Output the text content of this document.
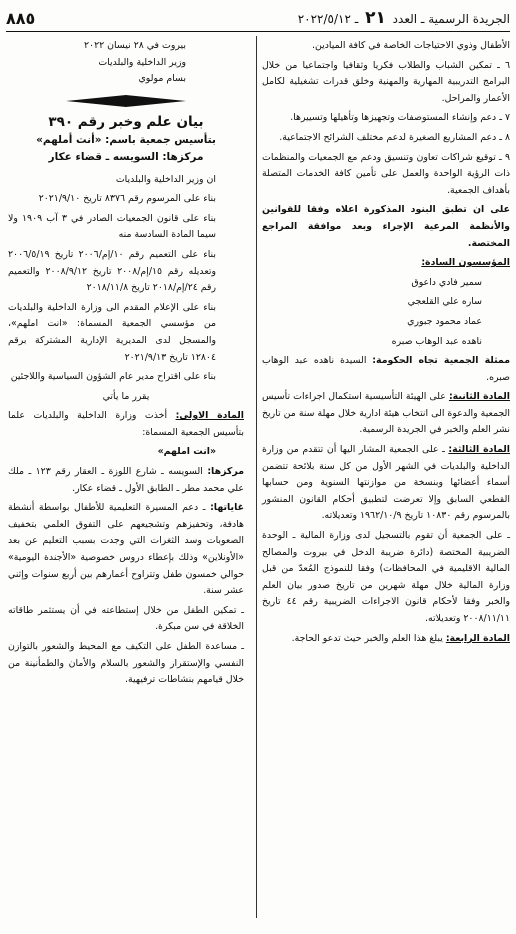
الجريدة الرسمية ـ العدد ٢١ ـ ٢٠٢٢/٥/١٢
٨٨٥

الأطفال وذوي الاحتياجات الخاصة في كافة الميادين.

٦ ـ تمكين الشباب والطلاب فكريا وثقافيا واجتماعيا من خلال البرامج التدريبية المهارية والمهنية وخلق قدرات تشغيلية لكامل الأعمار والمراحل.

٧ ـ دعم وإنشاء المستوصفات وتجهيزها وتأهيلها وتسييرها.

٨ ـ دعم المشاريع الصغيرة لدعم مختلف الشرائح الاجتماعية.

٩ ـ توقيع شراكات تعاون وتنسيق ودعم مع الجمعيات والمنظمات ذات الرؤية الواحدة والعمل على تأمين كافة الخدمات المتصلة بأهداف الجمعية.

على ان تطبق البنود المذكورة اعلاه وفقا للقوانين والأنظمة المرعية الإجراء وبعد موافقة المراجع المختصة.

المؤسسون السادة:

سمير فادي داعوق

ساره علي القلعجي

عماد محمود جبوري

ناهده عبد الوهاب صبره

ممثلة الجمعية تجاه الحكومة: السيدة ناهده عبد الوهاب صبره.

المادة الثانية: على الهيئة التأسيسية استكمال اجراءات تأسيس الجمعية والدعوة الى انتخاب هيئة ادارية خلال مهلة سنة من تاريخ نشر العلم والخبر في الجريدة الرسمية.

المادة الثالثة: ـ على الجمعية المشار اليها أن تتقدم من وزارة الداخلية والبلديات في الشهر الأول من كل سنة بلائحة تتضمن أسماء أعضائها وبنسخة من موازنتها السنوية ومن حسابها القطعي السابق وإلا تعرضت لتطبيق أحكام القانون المنشور بالمرسوم رقم ١٠٨٣٠ تاريخ ١٩٦٢/١٠/٩ وتعديلاته.

ـ على الجمعية أن تقوم بالتسجيل لدى وزارة المالية ـ الوحدة الضريبية المختصة (دائرة ضريبة الدخل في بيروت والمصالح المالية الاقليمية في المحافظات) وفقا للنموذج المُعدّ من قبل وزارة المالية خلال مهلة شهرين من تاريخ صدور بيان العلم والخبر وفقا لأحكام قانون الاجراءات الضريبية رقم ٤٤ تاريخ ٢٠٠٨/١١/١١ وتعديلاته.

المادة الرابعة: يبلغ هذا العلم والخبر حيث تدعو الحاجة.

بيروت في ٢٨ نيسان ٢٠٢٢

وزير الداخلية والبلديات

بسام مولوي

بيان علم وخبر رقم ٣٩٠
بتأسيس جمعية باسم: «أنت أملهم»
مركزها: السويسه ـ قضاء عكار

ان وزير الداخلية والبلديات

بناء على المرسوم رقم ٨٣٧٦ تاريخ ٢٠٢١/٩/١٠

بناء على قانون الجمعيات الصادر في ٣ آب ١٩٠٩ ولا سيما المادة السادسة منه

بناء على التعميم رقم ١٠/إم/٢٠٠٦ تاريخ ٢٠٠٦/٥/١٩ وتعديله رقم ١٥/إم/٢٠٠٨ تاريخ ٢٠٠٨/٩/١٢ والتعميم رقم ٢٤/إم/٢٠١٨ تاريخ ٢٠١٨/١١/٨

بناء على الإعلام المقدم الى وزارة الداخلية والبلديات من مؤسسي الجمعية المسماة: «انت املهم»، والمسجل لدى المديرية الإدارية المشتركة برقم ١٢٨٠٤ تاريخ ٢٠٢١/٩/١٣

بناء على اقتراح مدير عام الشؤون السياسية واللاجئين

يقرر ما يأتي

المادة الاولى: أخذت وزارة الداخلية والبلديات علما بتأسيس الجمعية المسماة:

«انت املهم»

مركزها: السويسه ـ شارع اللوزة ـ العقار رقم ١٢٣ ـ ملك علي محمد مطر ـ الطابق الأول ـ قضاء عكار.

غاياتها: ـ دعم المسيرة التعليمية للأطفال بواسطة أنشطة هادفة، وتحفيزهم وتشجيعهم على التفوق العلمي بتخفيف الصعوبات وسد الثغرات التي وجدت بسبب التعليم عن بعد «الأونلاين» وذلك بإعطاء دروس خصوصية «الأجندة اليومية» حوالي خمسون طفل وتتراوح أعمارهم بين أربع سنوات وإثني عشر سنة.

ـ تمكين الطفل من خلال إستطاعته في أن يستثمر طاقاته الخلاقة في سن مبكرة.

ـ مساعدة الطفل على التكيف مع المحيط والشعور بالتوازن النفسي والإستقرار والشعور بالسلام والأمان والطمأنينة من خلال قيامهم بنشاطات ترفيهية.
